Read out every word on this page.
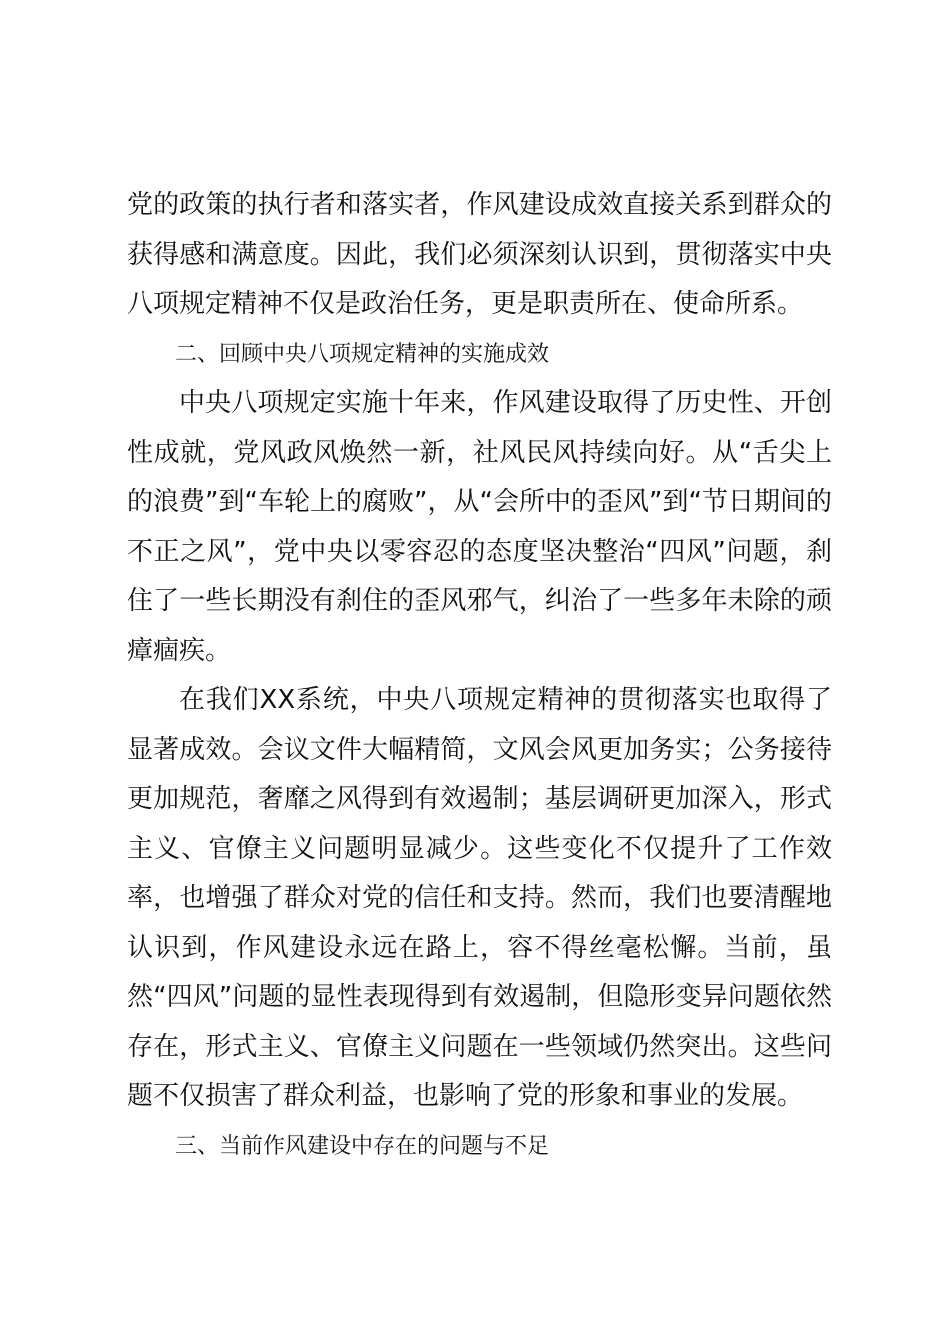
党的政策的执行者和落实者，作风建设成效直接关系到群众的获得感和满意度。因此，我们必须深刻认识到，贯彻落实中央八项规定精神不仅是政治任务，更是职责所在、使命所系。

二、回顾中央八项规定精神的实施成效

中央八项规定实施十年来，作风建设取得了历史性、开创性成就，党风政风焕然一新，社风民风持续向好。从“舌尖上的浪费”到“车轮上的腐败”，从“会所中的歪风”到“节日期间的不正之风”，党中央以零容忍的态度坚决整治“四风”问题，刹住了一些长期没有刹住的歪风邪气，纠治了一些多年未除的顽瘴痼疾。

在我们XX系统，中央八项规定精神的贯彻落实也取得了显著成效。会议文件大幅精简，文风会风更加务实；公务接待更加规范，奢靡之风得到有效遏制；基层调研更加深入，形式主义、官僚主义问题明显减少。这些变化不仅提升了工作效率，也增强了群众对党的信任和支持。然而，我们也要清醒地认识到，作风建设永远在路上，容不得丝毫松懈。当前，虽然“四风”问题的显性表现得到有效遏制，但隐形变异问题依然存在，形式主义、官僚主义问题在一些领域仍然突出。这些问题不仅损害了群众利益，也影响了党的形象和事业的发展。

三、当前作风建设中存在的问题与不足
